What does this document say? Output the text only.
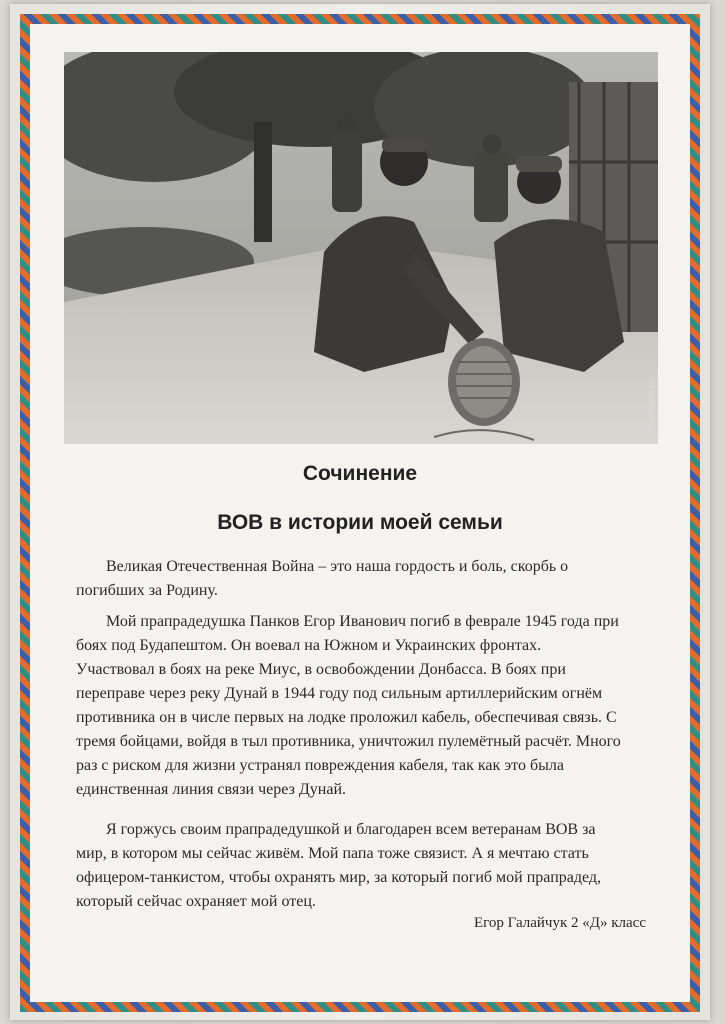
WarAlbum.ru
Сочинение
ВОВ в истории моей семьи
Великая Отечественная Война – это наша гордость и боль, скорбь о
погибших за Родину.
Мой прапрадедушка Панков Егор Иванович погиб в феврале 1945 года при
боях под Будапештом. Он воевал на Южном и Украинских фронтах.
Участвовал в боях на реке Миус, в освобождении Донбасса. В боях при
переправе через реку Дунай в 1944 году под сильным артиллерийским огнём
противника он в числе первых на лодке проложил кабель, обеспечивая связь. С
тремя бойцами, войдя в тыл противника, уничтожил пулемётный расчёт. Много
раз с риском для жизни устранял повреждения кабеля, так как это была
единственная линия связи через Дунай.
Я горжусь своим прапрадедушкой и благодарен всем ветеранам ВОВ за
мир, в котором мы сейчас живём. Мой папа тоже связист. А я мечтаю стать
офицером-танкистом, чтобы охранять мир, за который погиб мой прапрадед,
который сейчас охраняет мой отец.
Егор Галайчук 2 «Д» класс
